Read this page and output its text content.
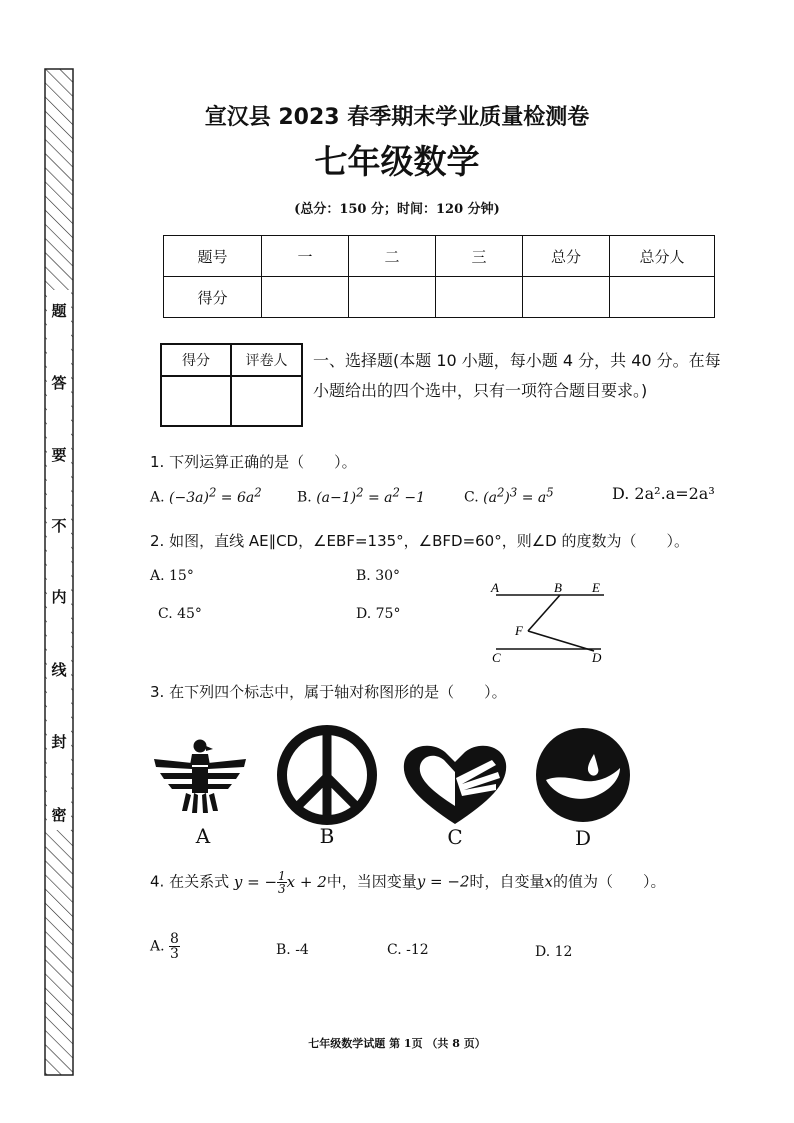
题
答
要
不
内
线
封
密
宣汉县 2023 春季期末学业质量检测卷
七年级数学
(总分：150 分；时间：120 分钟)
题号	一	二	三	总分	总分人
得分					
得分	评卷人
	一、选择题(本题 10 小题，每小题 4 分，共 40 分。在每小题给出的四个选中，只有一项符合题目要求。)
1. 下列运算正确的是（　　）。
A. $(-3a)^2 = 6a^2$	B. $(a-1)^2 = a^2 -1$	C. $(a^2)^3 = a^5$	D. 2a².a=2a³
2. 如图，直线 AE∥CD，∠EBF=135°，∠BFD=60°，则∠D 的度数为（　　）。
A. 15°	B. 30°
C. 45°	D. 75°
A	B E
F
C	D
3. 在下列四个标志中，属于轴对称图形的是（　　）。
A	B	C	D
4. 在关系式 y = − $\frac{1}{3}$ x + 2中，当因变量y = −2时，自变量x的值为（　　）。
A. $\frac{8}{3}$	B. -4	C. -12	D. 12
七年级数学试题 第 1页 （共 8 页）
